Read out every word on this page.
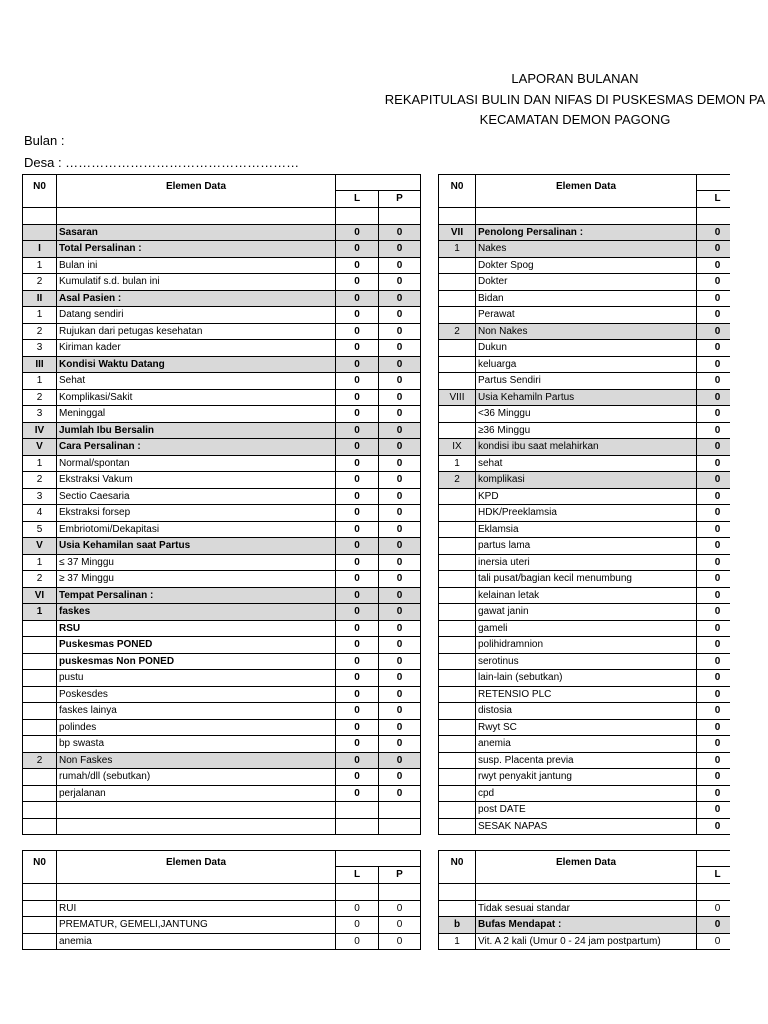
LAPORAN BULANAN
REKAPITULASI BULIN DAN NIFAS DI PUSKESMAS DEMON PA
KECAMATAN DEMON PAGONG
Bulan :
Desa : ………………………………………………
N0	Elemen Data		
		L	P

	Sasaran	0	0
I	Total Persalinan :	0	0
1	Bulan ini	0	0
2	Kumulatif s.d. bulan ini	0	0
II	Asal Pasien :	0	0
1	Datang sendiri	0	0
2	Rujukan dari petugas kesehatan	0	0
3	Kiriman kader	0	0
III	Kondisi Waktu Datang	0	0
1	Sehat	0	0
2	Komplikasi/Sakit	0	0
3	Meninggal	0	0
IV	Jumlah Ibu Bersalin	0	0
V	Cara Persalinan :	0	0
1	Normal/spontan	0	0
2	Ekstraksi Vakum	0	0
3	Sectio Caesaria	0	0
4	Ekstraksi forsep	0	0
5	Embriotomi/Dekapitasi	0	0
V	Usia Kehamilan saat Partus	0	0
1	≤ 37 Minggu	0	0
2	≥ 37 Minggu	0	0
VI	Tempat Persalinan :	0	0
1	faskes	0	0
	RSU	0	0
	Puskesmas PONED	0	0
	puskesmas Non PONED	0	0
	pustu	0	0
	Poskesdes	0	0
	faskes lainya	0	0
	polindes	0	0
	bp swasta	0	0
2	Non Faskes	0	0
	rumah/dll (sebutkan)	0	0
	perjalanan	0	0

N0	Elemen Data		
		L	

VII	Penolong Persalinan :	0	
1	Nakes	0	
	Dokter Spog	0	
	Dokter	0	
	Bidan	0	
	Perawat	0	
2	Non Nakes	0	
	Dukun	0	
	keluarga	0	
	Partus Sendiri	0	
VIII	Usia Kehamiln Partus	0	
	<36 Minggu	0	
	≥36 Minggu	0	
IX	kondisi ibu saat melahirkan	0	
1	sehat	0	
2	komplikasi	0	
	KPD	0	
	HDK/Preeklamsia	0	
	Eklamsia	0	
	partus lama	0	
	inersia uteri	0	
	tali pusat/bagian kecil menumbung	0	
	kelainan letak	0	
	gawat janin	0	
	gameli	0	
	polihidramnion	0	
	serotinus	0	
	lain-lain (sebutkan)	0	
	RETENSIO PLC	0	
	distosia	0	
	Rwyt SC	0	
	anemia	0	
	susp. Placenta previa	0	
	rwyt penyakit jantung	0	
	cpd	0	
	post DATE	0	
	SESAK NAPAS	0	
N0	Elemen Data		
		L	P

	RUI	0	0
	PREMATUR, GEMELI,JANTUNG	0	0
	anemia	0	0
N0	Elemen Data		
		L	

	Tidak sesuai standar	0	
b	Bufas Mendapat :	0	
1	Vit. A 2 kali (Umur 0 - 24 jam postpartum)	0	
